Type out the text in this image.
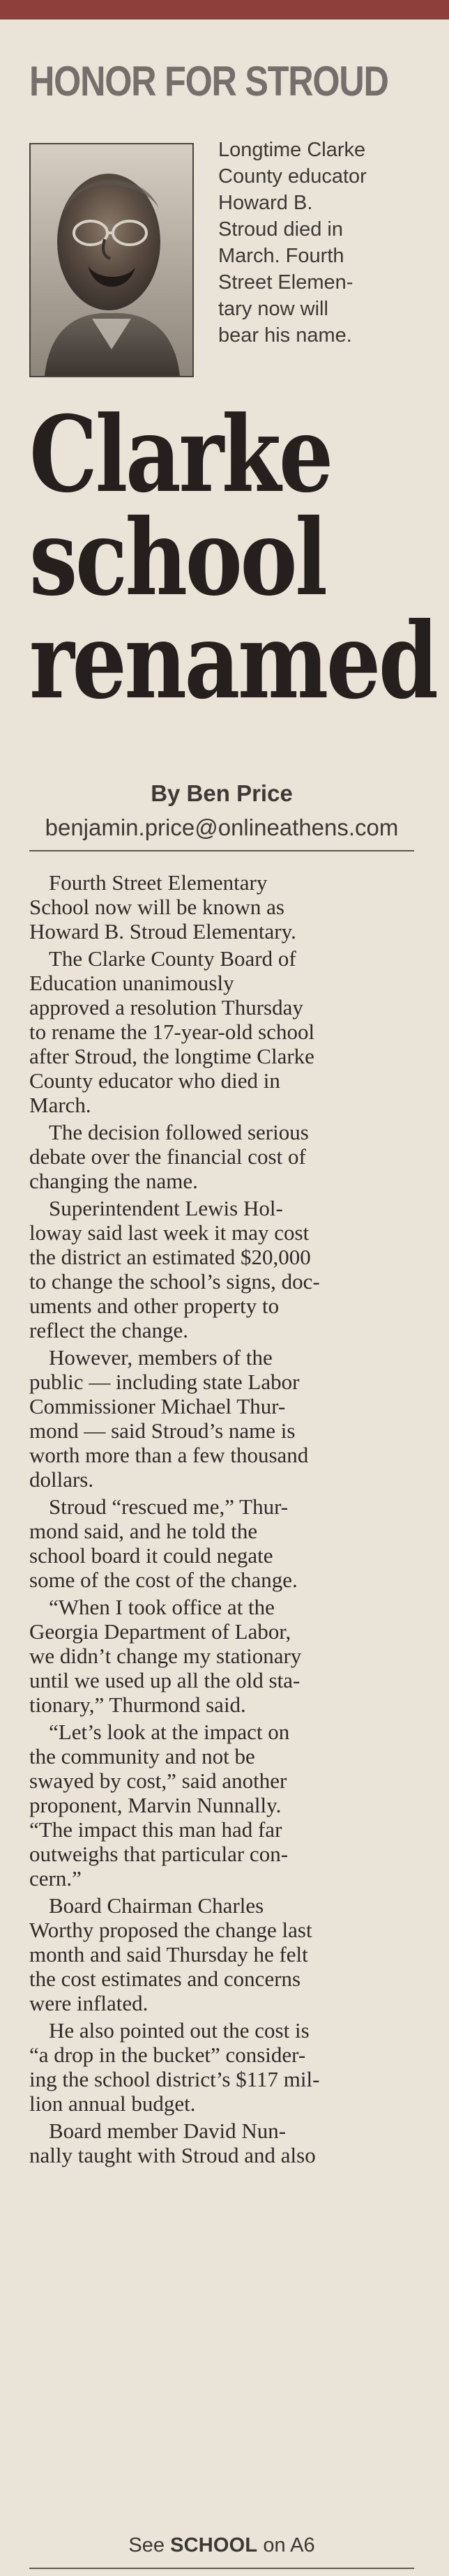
HONOR FOR STROUD
Longtime Clarke
County educator
Howard B.
Stroud died in
March. Fourth
Street Elemen-
tary now will
bear his name.
Clarke
school
renamed
By Ben Price
benjamin.price@onlineathens.com

Fourth Street Elementary
School now will be known as
Howard B. Stroud Elementary.

The Clarke County Board of
Education unanimously
approved a resolution Thursday
to rename the 17-year-old school
after Stroud, the longtime Clarke
County educator who died in
March.

The decision followed serious
debate over the financial cost of
changing the name.

Superintendent Lewis Hol-
loway said last week it may cost
the district an estimated $20,000
to change the school’s signs, doc-
uments and other property to
reflect the change.

However, members of the
public — including state Labor
Commissioner Michael Thur-
mond — said Stroud’s name is
worth more than a few thousand
dollars.

Stroud “rescued me,” Thur-
mond said, and he told the
school board it could negate
some of the cost of the change.

“When I took office at the
Georgia Department of Labor,
we didn’t change my stationary
until we used up all the old sta-
tionary,” Thurmond said.

“Let’s look at the impact on
the community and not be
swayed by cost,” said another
proponent, Marvin Nunnally.
“The impact this man had far
outweighs that particular con-
cern.”

Board Chairman Charles
Worthy proposed the change last
month and said Thursday he felt
the cost estimates and concerns
were inflated.

He also pointed out the cost is
“a drop in the bucket” consider-
ing the school district’s $117 mil-
lion annual budget.

Board member David Nun-
nally taught with Stroud and also

See SCHOOL on A6
